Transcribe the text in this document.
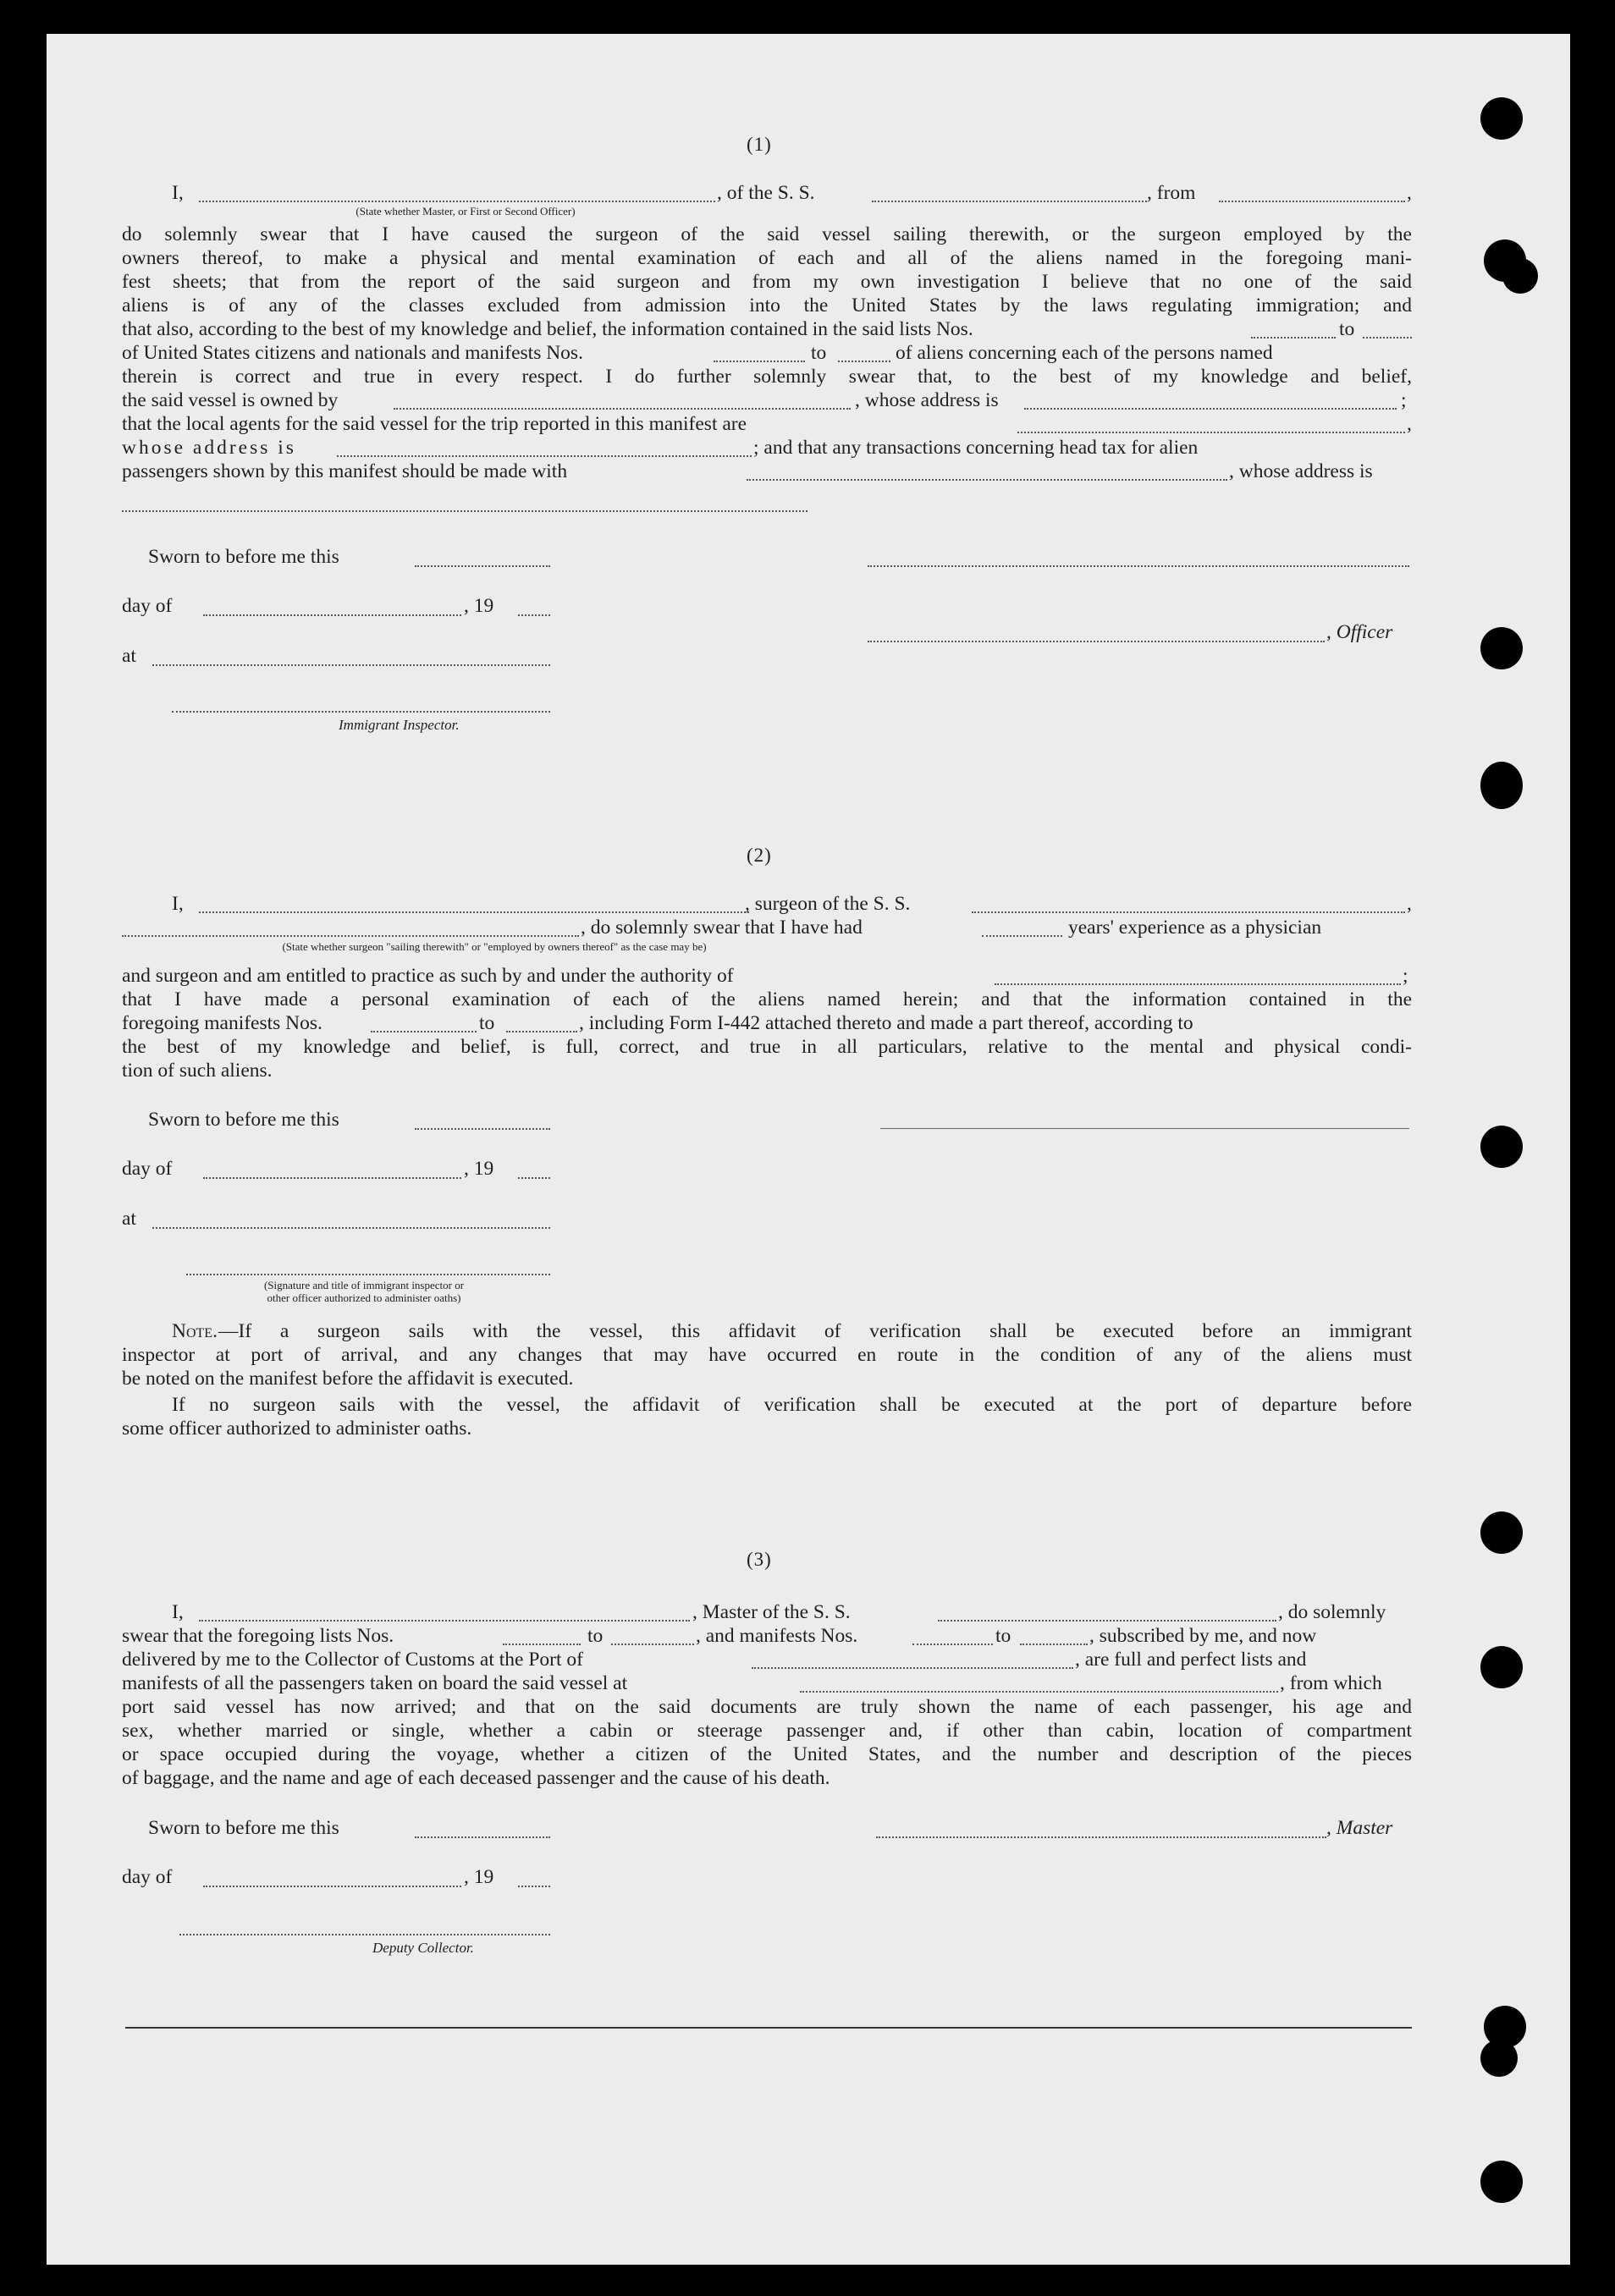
(1)
I,	, of the S. S.	, from	,
(State whether Master, or First or Second Officer)
do solemnly swear that I have caused the surgeon of the said vessel sailing therewith, or the surgeon employed by the
owners thereof, to make a physical and mental examination of each and all of the aliens named in the foregoing mani-
fest sheets; that from the report of the said surgeon and from my own investigation I believe that no one of the said
aliens is of any of the classes excluded from admission into the United States by the laws regulating immigration; and
that also, according to the best of my knowledge and belief, the information contained in the said lists Nos.	to
of United States citizens and nationals and manifests Nos.	to	of aliens concerning each of the persons named
therein is correct and true in every respect. I do further solemnly swear that, to the best of my knowledge and belief,
the said vessel is owned by	, whose address is	;
that the local agents for the said vessel for the trip reported in this manifest are	,
whose address is	; and that any transactions concerning head tax for alien
passengers shown by this manifest should be made with	, whose address is
Sworn to before me this
day of	, 19
, Officer
at
Immigrant Inspector.
(2)
I,	, surgeon of the S. S.	,
, do solemnly swear that I have had	years' experience as a physician
(State whether surgeon "sailing therewith" or "employed by owners thereof" as the case may be)
and surgeon and am entitled to practice as such by and under the authority of	;
that I have made a personal examination of each of the aliens named herein; and that the information contained in the
foregoing manifests Nos.	to	, including Form I-442 attached thereto and made a part thereof, according to
the best of my knowledge and belief, is full, correct, and true in all particulars, relative to the mental and physical condi-
tion of such aliens.
Sworn to before me this
day of	, 19
at
(Signature and title of immigrant inspector or
other officer authorized to administer oaths)
Note. —If a surgeon sails with the vessel, this affidavit of verification shall be executed before an immigrant
inspector at port of arrival, and any changes that may have occurred en route in the condition of any of the aliens must
be noted on the manifest before the affidavit is executed.
If no surgeon sails with the vessel, the affidavit of verification shall be executed at the port of departure before
some officer authorized to administer oaths.
(3)
I,	, Master of the S. S.	, do solemnly
swear that the foregoing lists Nos.	to	, and manifests Nos.	to	, subscribed by me, and now
delivered by me to the Collector of Customs at the Port of	, are full and perfect lists and
manifests of all the passengers taken on board the said vessel at	, from which
port said vessel has now arrived; and that on the said documents are truly shown the name of each passenger, his age and
sex, whether married or single, whether a cabin or steerage passenger and, if other than cabin, location of compartment
or space occupied during the voyage, whether a citizen of the United States, and the number and description of the pieces
of baggage, and the name and age of each deceased passenger and the cause of his death.
Sworn to before me this	, Master
day of	, 19
Deputy Collector.
